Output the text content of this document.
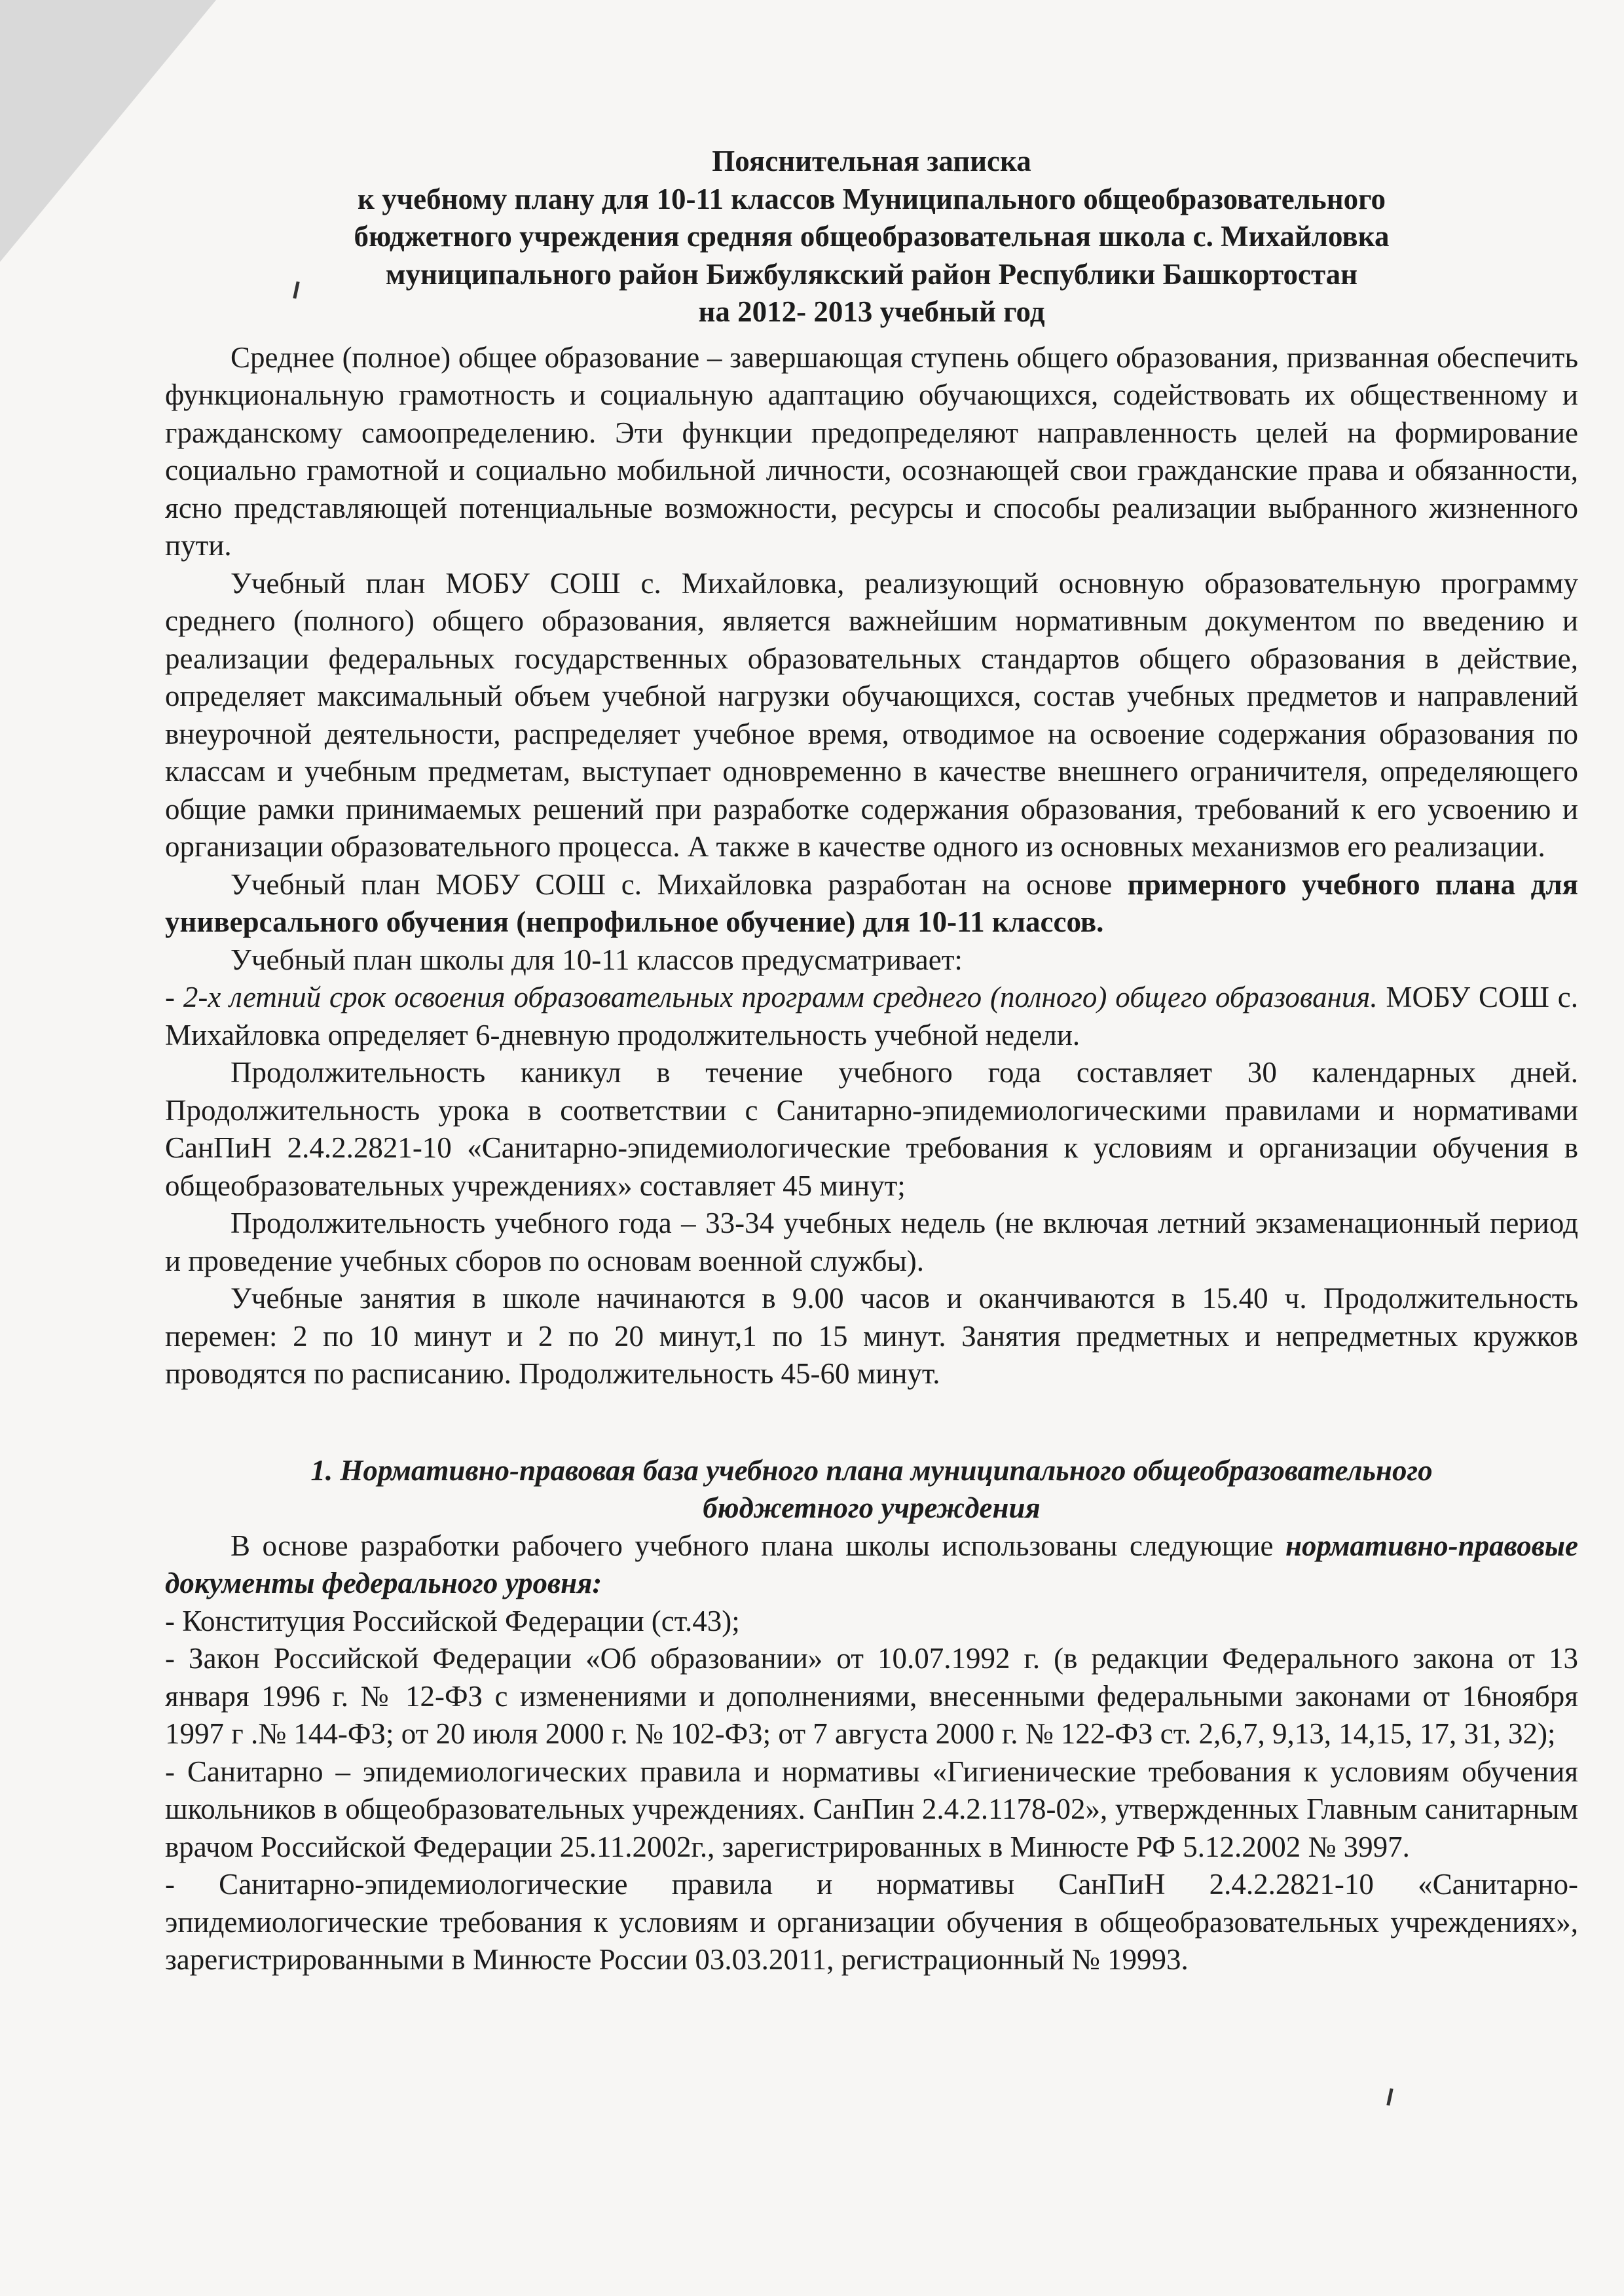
Пояснительная записка
к учебному плану для 10-11 классов Муниципального общеобразовательного
бюджетного учреждения средняя общеобразовательная школа с. Михайловка
муниципального район Бижбулякский район Республики Башкортостан
на 2012- 2013 учебный год

Среднее (полное) общее образование – завершающая ступень общего образования, призванная обеспечить функциональную грамотность и социальную адаптацию обучающихся, содействовать их общественному и гражданскому самоопределению. Эти функции предопределяют направленность целей на формирование социально грамотной и социально мобильной личности, осознающей свои гражданские права и обязанности, ясно представляющей потенциальные возможности, ресурсы и способы реализации выбранного жизненного пути.

Учебный план МОБУ СОШ с. Михайловка, реализующий основную образовательную программу среднего (полного) общего образования, является важнейшим нормативным документом по введению и реализации федеральных государственных образовательных стандартов общего образования в действие, определяет максимальный объем учебной нагрузки обучающихся, состав учебных предметов и направлений внеурочной деятельности, распределяет учебное время, отводимое на освоение содержания образования по классам и учебным предметам, выступает одновременно в качестве внешнего ограничителя, определяющего общие рамки принимаемых решений при разработке содержания образования, требований к его усвоению и организации образовательного процесса. А также в качестве одного из основных механизмов его реализации.

Учебный план МОБУ СОШ с. Михайловка разработан на основе примерного учебного плана для универсального обучения (непрофильное обучение) для 10-11 классов.

Учебный план школы для 10-11 классов предусматривает:

- 2-х летний срок освоения образовательных программ среднего (полного) общего образования. МОБУ СОШ с. Михайловка определяет 6-дневную продолжительность учебной недели.

Продолжительность каникул в течение учебного года составляет 30 календарных дней. Продолжительность урока в соответствии с Санитарно-эпидемиологическими правилами и нормативами СанПиН 2.4.2.2821-10 «Санитарно-эпидемиологические требования к условиям и организации обучения в общеобразовательных учреждениях» составляет 45 минут;

Продолжительность учебного года – 33-34 учебных недель (не включая летний экзаменационный период и проведение учебных сборов по основам военной службы).

Учебные занятия в школе начинаются в 9.00 часов и оканчиваются в 15.40 ч. Продолжительность перемен: 2 по 10 минут и 2 по 20 минут,1 по 15 минут. Занятия предметных и непредметных кружков проводятся по расписанию. Продолжительность 45-60 минут.

1. Нормативно-правовая база учебного плана муниципального общеобразовательного
бюджетного учреждения

В основе разработки рабочего учебного плана школы использованы следующие нормативно-правовые документы федерального уровня:

- Конституция Российской Федерации (ст.43);

- Закон Российской Федерации «Об образовании» от 10.07.1992 г. (в редакции Федерального закона от 13 января 1996 г. № 12-ФЗ с изменениями и дополнениями, внесенными федеральными законами от 16ноября 1997 г .№ 144-ФЗ; от 20 июля 2000 г. № 102-ФЗ; от 7 августа 2000 г. № 122-ФЗ ст. 2,6,7, 9,13, 14,15, 17, 31, 32);

- Санитарно – эпидемиологических правила и нормативы «Гигиенические требования к условиям обучения школьников в общеобразовательных учреждениях. СанПин 2.4.2.1178-02», утвержденных Главным санитарным врачом Российской Федерации 25.11.2002г., зарегистрированных в Минюсте РФ 5.12.2002 № 3997.

- Санитарно-эпидемиологические правила и нормативы СанПиН 2.4.2.2821-10 «Санитарно-эпидемиологические требования к условиям и организации обучения в общеобразовательных учреждениях», зарегистрированными в Минюсте России 03.03.2011, регистрационный № 19993.
